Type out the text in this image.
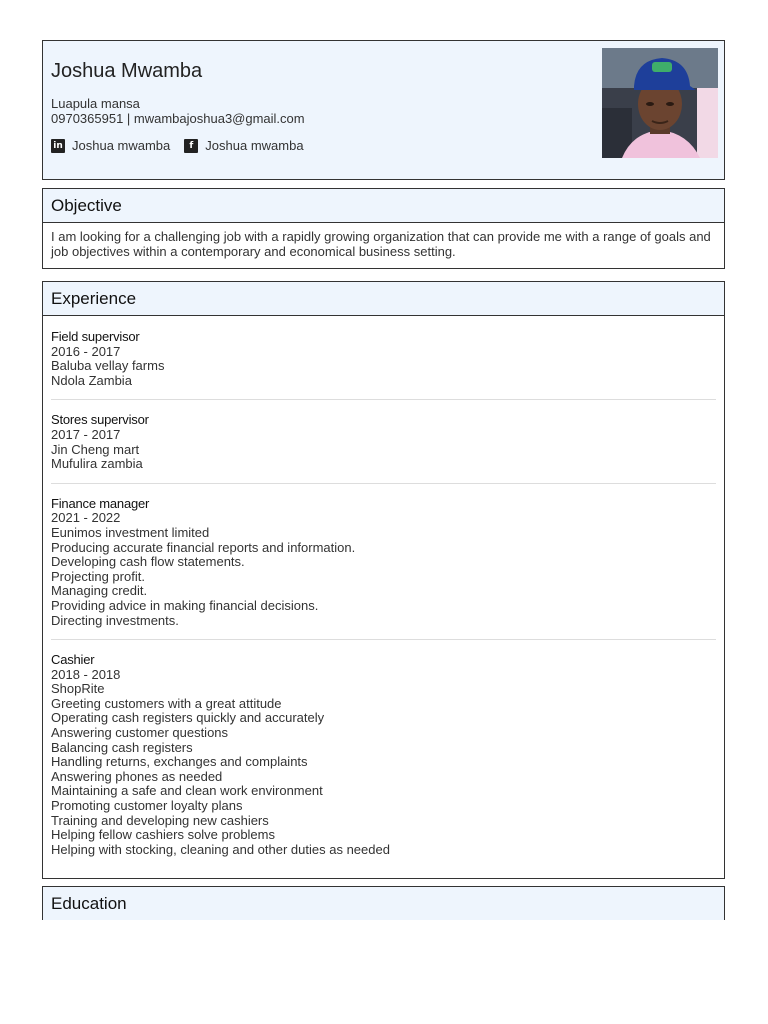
Joshua Mwamba
Luapula mansa
0970365951 | mwambajoshua3@gmail.com
in Joshua mwamba	f Joshua mwamba
Objective
I am looking for a challenging job with a rapidly growing organization that can provide me with a range of goals and job objectives within a contemporary and economical business setting.
Experience
Field supervisor
2016 - 2017
Baluba vellay farms
Ndola Zambia
Stores supervisor
2017 - 2017
Jin Cheng mart
Mufulira zambia
Finance manager
2021 - 2022
Eunimos investment limited
Producing accurate financial reports and information.
Developing cash flow statements.
Projecting profit.
Managing credit.
Providing advice in making financial decisions.
Directing investments.
Cashier
2018 - 2018
ShopRite
Greeting customers with a great attitude
Operating cash registers quickly and accurately
Answering customer questions
Balancing cash registers
Handling returns, exchanges and complaints
Answering phones as needed
Maintaining a safe and clean work environment
Promoting customer loyalty plans
Training and developing new cashiers
Helping fellow cashiers solve problems
Helping with stocking, cleaning and other duties as needed
Education
